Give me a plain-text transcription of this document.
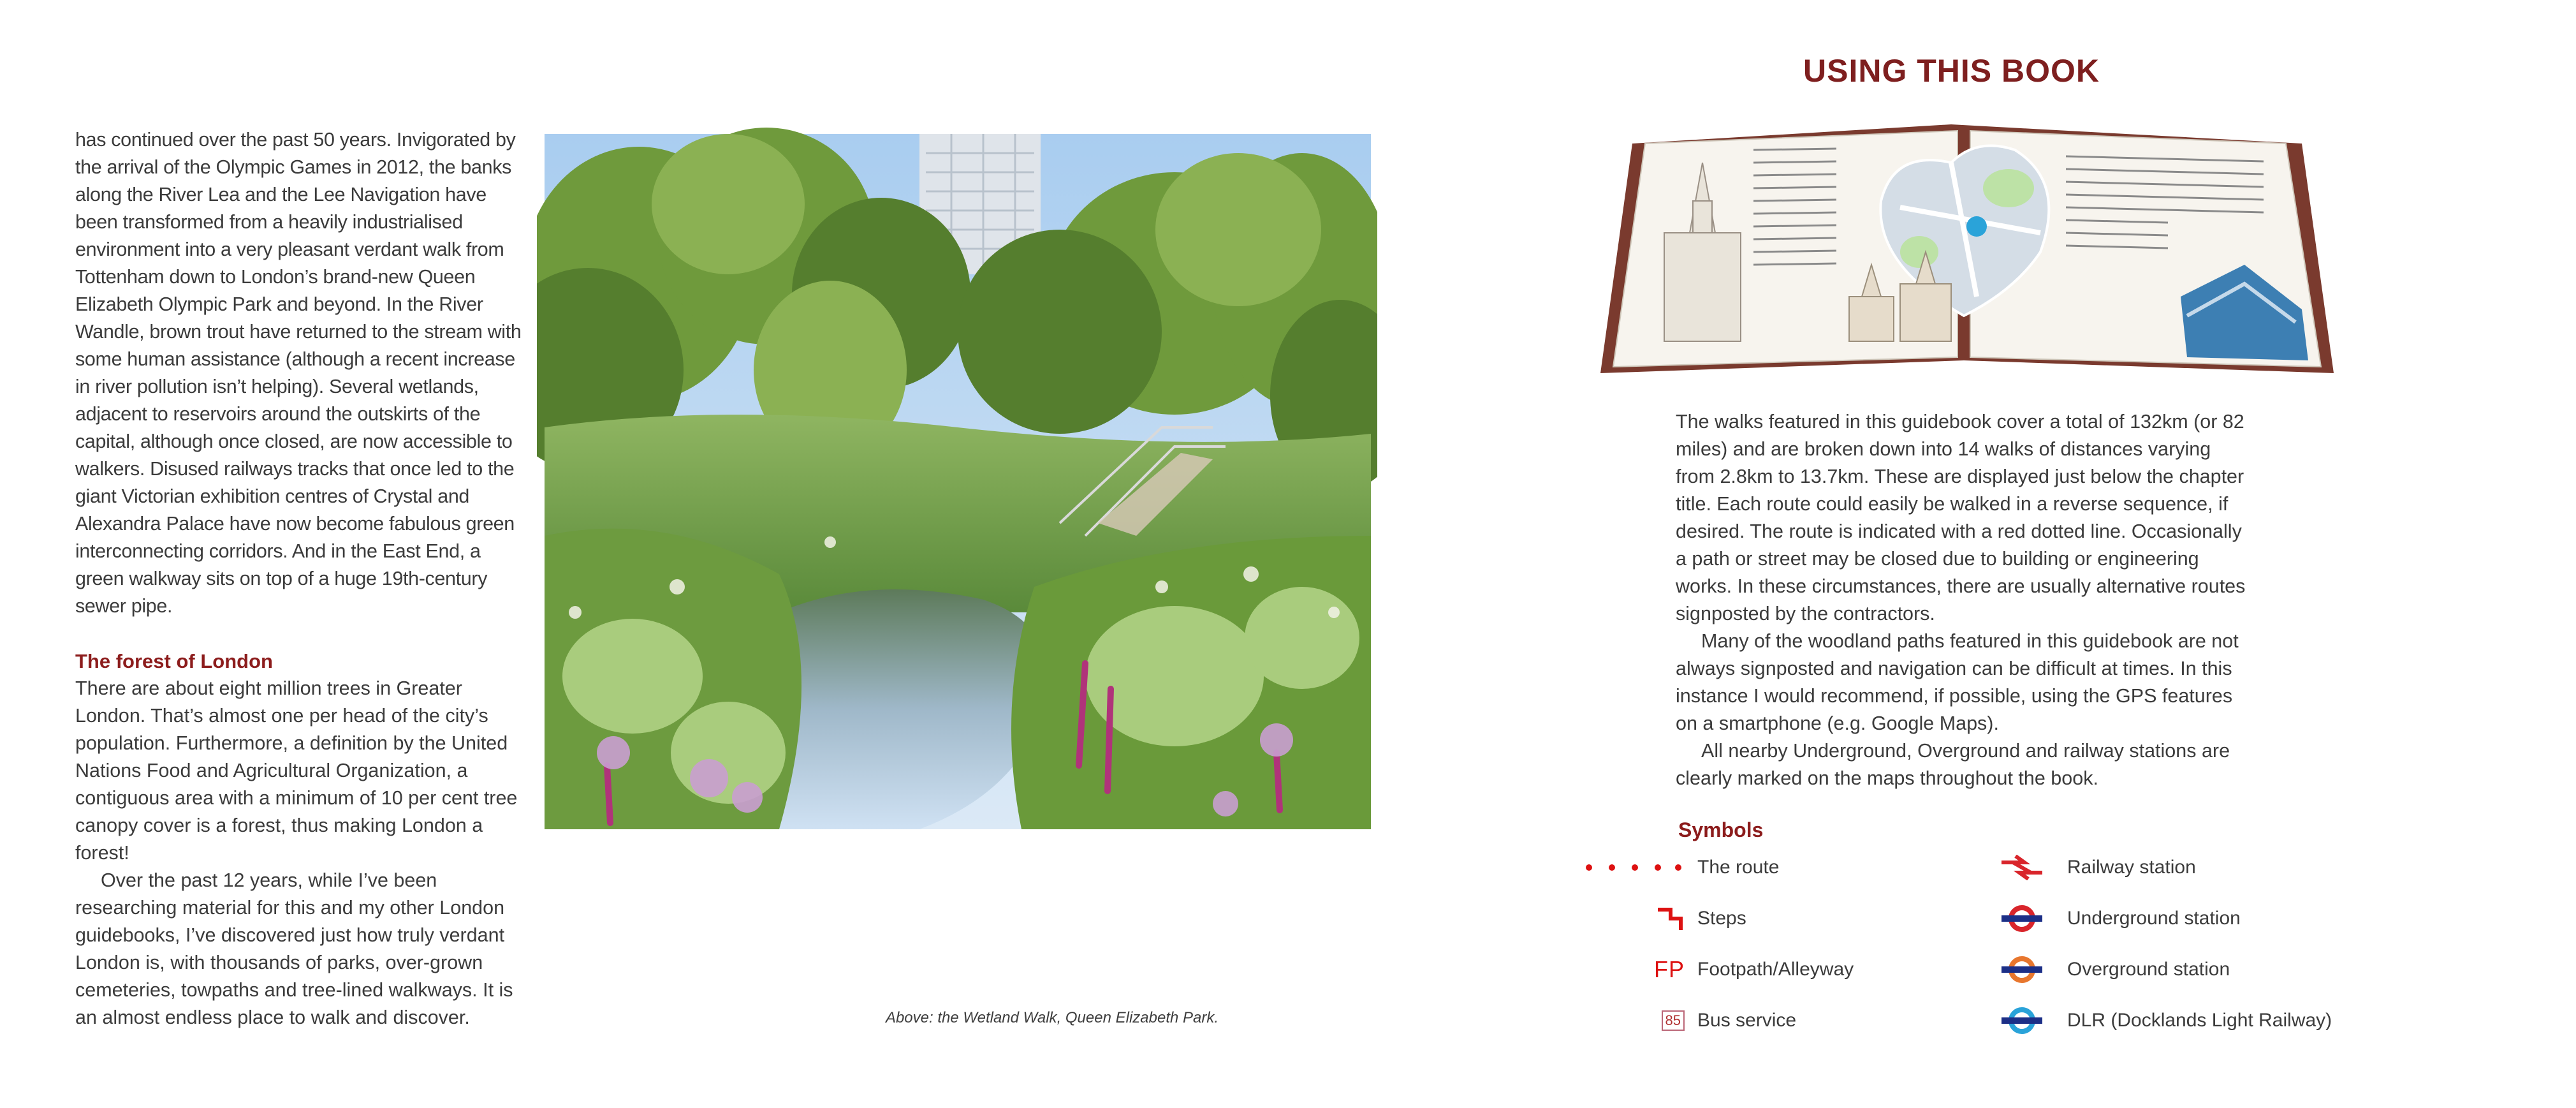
has continued over the past 50 years. Invigorated by the arrival of the Olympic Games in 2012, the banks along the River Lea and the Lee Navigation have been transformed from a heavily industrialised environment into a very pleasant verdant walk from Tottenham down to London’s brand-new Queen Elizabeth Olympic Park and beyond. In the River Wandle, brown trout have returned to the stream with some human assistance (although a recent increase in river pollution isn’t helping). Several wetlands, adjacent to reservoirs around the outskirts of the capital, although once closed, are now accessible to walkers. Disused railways tracks that once led to the giant Victorian exhibition centres of Crystal and Alexandra Palace have now become fabulous green interconnecting corridors. And in the East End, a green walkway sits on top of a huge 19th-century sewer pipe.

The forest of London

There are about eight million trees in Greater London. That’s almost one per head of the city’s population. Furthermore, a definition by the United Nations Food and Agricultural Organization, a contiguous area with a minimum of 10 per cent tree canopy cover is a forest, thus making London a forest!

Over the past 12 years, while I’ve been researching material for this and my other London guidebooks, I’ve discovered just how truly verdant London is, with thousands of parks, over-grown cemeteries, towpaths and tree-lined walkways. It is an almost endless place to walk and discover.	Above: the Wetland Walk, Queen Elizabeth Park.
USING THIS BOOK

The walks featured in this guidebook cover a total of 132km (or 82 miles) and are broken down into 14 walks of distances varying from 2.8km to 13.7km. These are displayed just below the chapter title. Each route could easily be walked in a reverse sequence, if desired. The route is indicated with a red dotted line. Occasionally a path or street may be closed due to building or engineering works. In these circumstances, there are usually alternative routes signposted by the contractors.

Many of the woodland paths featured in this guidebook are not always signposted and navigation can be difficult at times. In this instance I would recommend, if possible, using the GPS features on a smartphone (e.g. Google Maps).

All nearby Underground, Overground and railway stations are clearly marked on the maps throughout the book.

Symbols
The route
Steps
FP Footpath/Alleyway
85 Bus service
Railway station
Underground station
Overground station
DLR (Docklands Light Railway)
